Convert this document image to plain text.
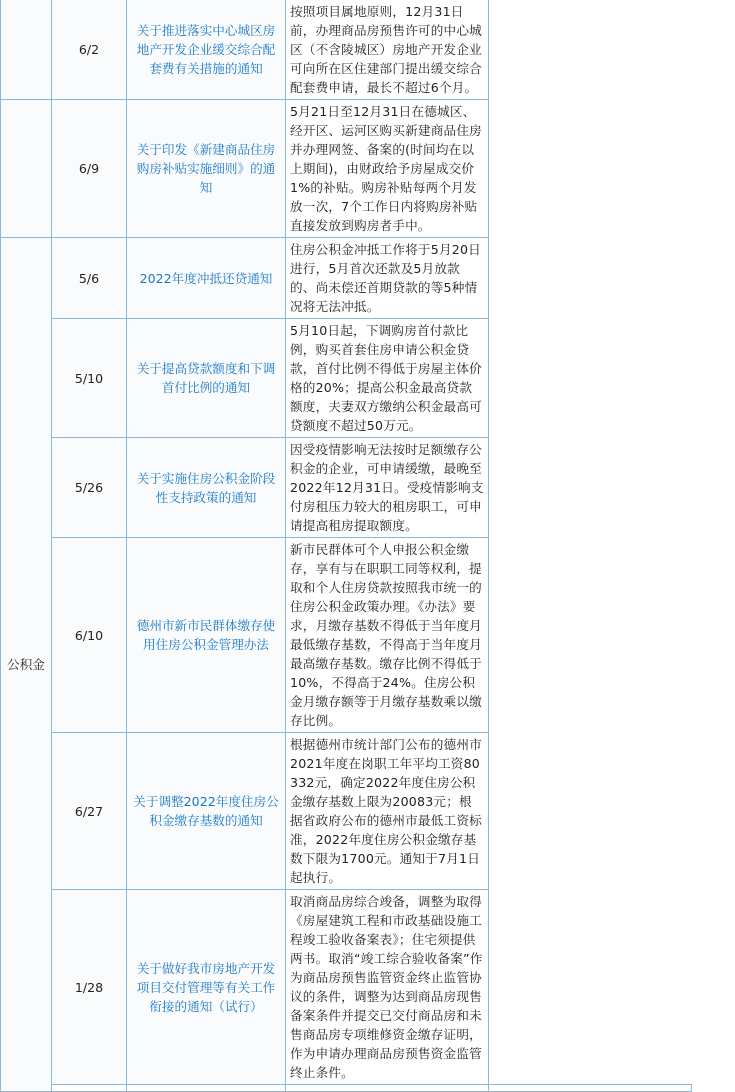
	6/2	关于推进落实中心城区房地产开发企业缓交综合配套费有关措施的通知	按照项目属地原则，12月31日前，办理商品房预售许可的中心城区（不含陵城区）房地产开发企业可向所在区住建部门提出缓交综合配套费申请，最长不超过6个月。	
	6/9	关于印发《新建商品住房购房补贴实施细则》的通知	5月21日至12月31日在德城区、经开区、运河区购买新建商品住房并办理网签、备案的(时间均在以上期间)，由财政给予房屋成交价1%的补贴。购房补贴每两个月发放一次，7个工作日内将购房补贴直接发放到购房者手中。	
公积金	5/6	2022年度冲抵还贷通知	住房公积金冲抵工作将于5月20日进行，5月首次还款及5月放款的、尚未偿还首期贷款的等5种情况将无法冲抵。	
	5/10	关于提高贷款额度和下调首付比例的通知	5月10日起，下调购房首付款比例，购买首套住房申请公积金贷款，首付比例不得低于房屋主体价格的20%；提高公积金最高贷款额度，夫妻双方缴纳公积金最高可贷额度不超过50万元。	
	5/26	关于实施住房公积金阶段性支持政策的通知	因受疫情影响无法按时足额缴存公积金的企业，可申请缓缴，最晚至2022年12月31日。受疫情影响支付房租压力较大的租房职工，可申请提高租房提取额度。	
	6/10	德州市新市民群体缴存使用住房公积金管理办法	新市民群体可个人申报公积金缴存，享有与在职职工同等权利，提取和个人住房贷款按照我市统一的住房公积金政策办理。《办法》要求，月缴存基数不得低于当年度月最低缴存基数，不得高于当年度月最高缴存基数。缴存比例不得低于10%，不得高于24%。住房公积金月缴存额等于月缴存基数乘以缴存比例。	
	6/27	关于调整2022年度住房公积金缴存基数的通知	根据德州市统计部门公布的德州市2021年度在岗职工年平均工资80332元，确定2022年度住房公积金缴存基数上限为20083元；根据省政府公布的德州市最低工资标准，2022年度住房公积金缴存基数下限为1700元。通知于7月1日起执行。	
	1/28	关于做好我市房地产开发项目交付管理等有关工作衔接的通知（试行）	取消商品房综合竣备，调整为取得《房屋建筑工程和市政基础设施工程竣工验收备案表》；住宅须提供两书。取消“竣工综合验收备案”作为商品房预售监管资金终止监管协议的条件，调整为达到商品房现售备案条件并提交已交付商品房和未售商品房专项维修资金缴存证明，作为申请办理商品房预售资金监管终止条件。	
